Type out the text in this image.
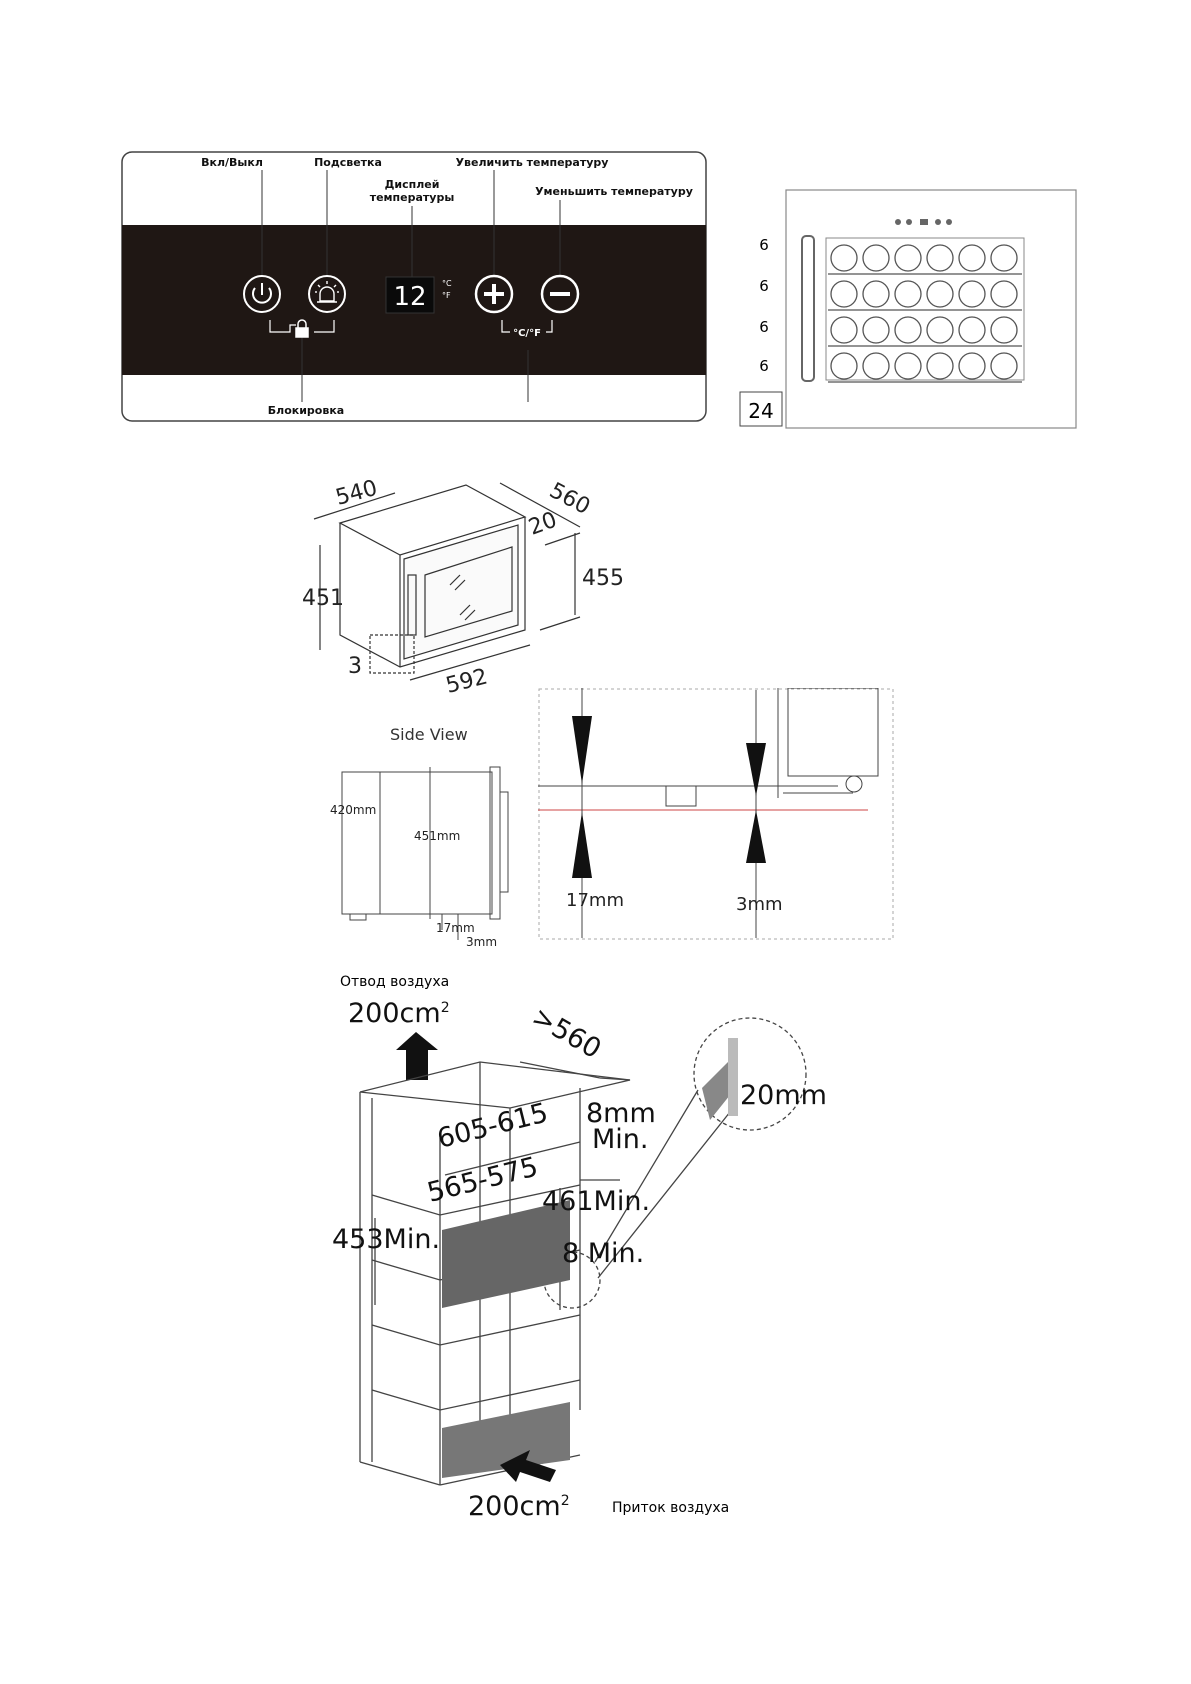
Вкл/Выкл	Подсветка
Дисплей
температуры
Увеличить температуру
Уменьшить температуру
Блокировка
12 °C
°F
°C/°F
6
6
6
6
24
540	560
20
455
451
3	592
Side View
420mm
451mm
17mm
3mm
17mm	3mm
Отвод воздуха
$200cm^2$	>560
605-615
565-575
453Min.
461Min.
8mm
Min.
8 Min.
20mm
$200cm^2$	Приток воздуха
